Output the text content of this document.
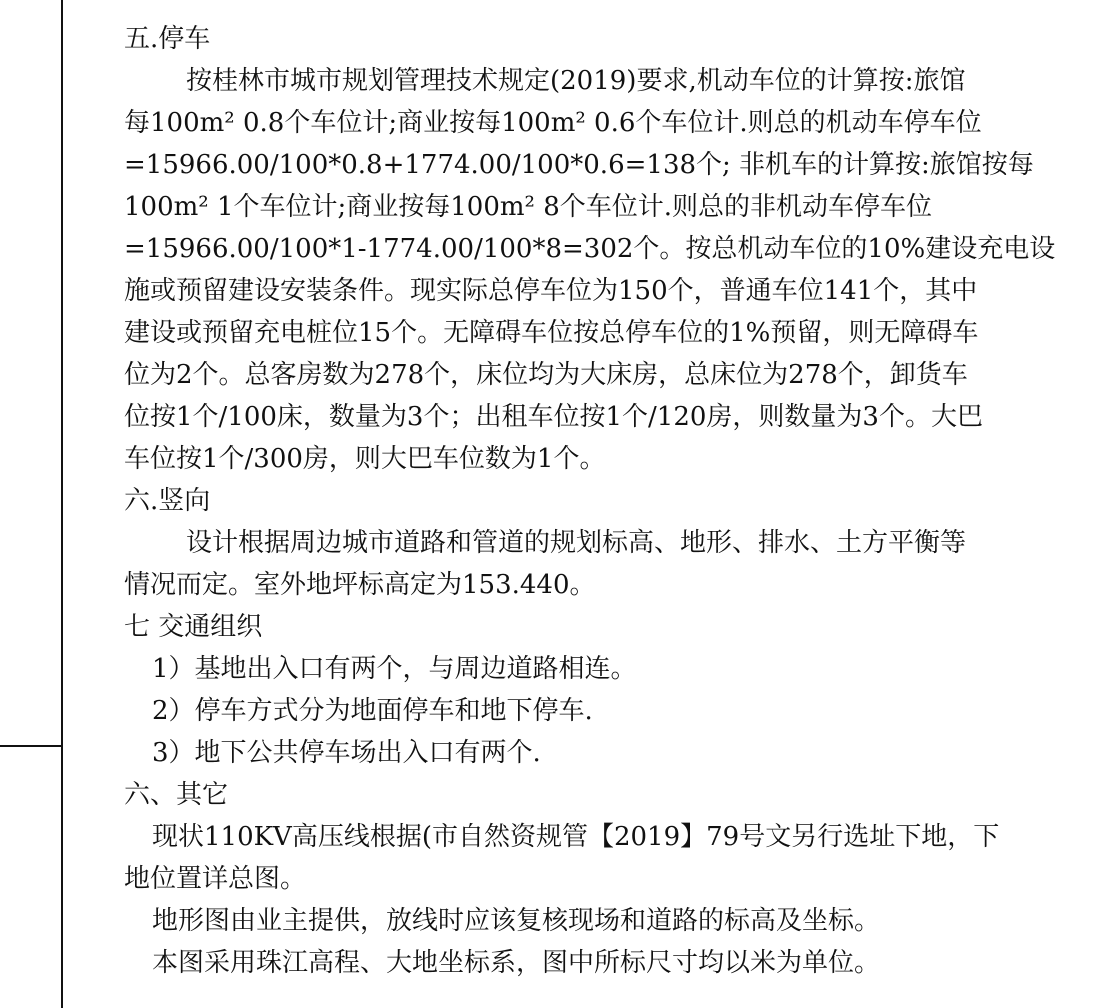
五.停车
按桂林市城市规划管理技术规定(2019)要求,机动车位的计算按:旅馆
每100m² 0.8个车位计;商业按每100m² 0.6个车位计.则总的机动车停车位
=15966.00/100*0.8+1774.00/100*0.6=138个; 非机车的计算按:旅馆按每
100m² 1个车位计;商业按每100m² 8个车位计.则总的非机动车停车位
=15966.00/100*1-1774.00/100*8=302个。按总机动车位的10%建设充电设
施或预留建设安装条件。现实际总停车位为150个，普通车位141个，其中
建设或预留充电桩位15个。无障碍车位按总停车位的1%预留，则无障碍车
位为2个。总客房数为278个，床位均为大床房，总床位为278个，卸货车
位按1个/100床，数量为3个；出租车位按1个/120房，则数量为3个。大巴
车位按1个/300房，则大巴车位数为1个。
六.竖向
设计根据周边城市道路和管道的规划标高、地形、排水、土方平衡等
情况而定。室外地坪标高定为153.440。
七 交通组织
1）基地出入口有两个，与周边道路相连。
2）停车方式分为地面停车和地下停车.
3）地下公共停车场出入口有两个.
六、其它
现状110KV高压线根据(市自然资规管【2019】79号文另行选址下地，下
地位置详总图。
地形图由业主提供，放线时应该复核现场和道路的标高及坐标。
本图采用珠江高程、大地坐标系，图中所标尺寸均以米为单位。
